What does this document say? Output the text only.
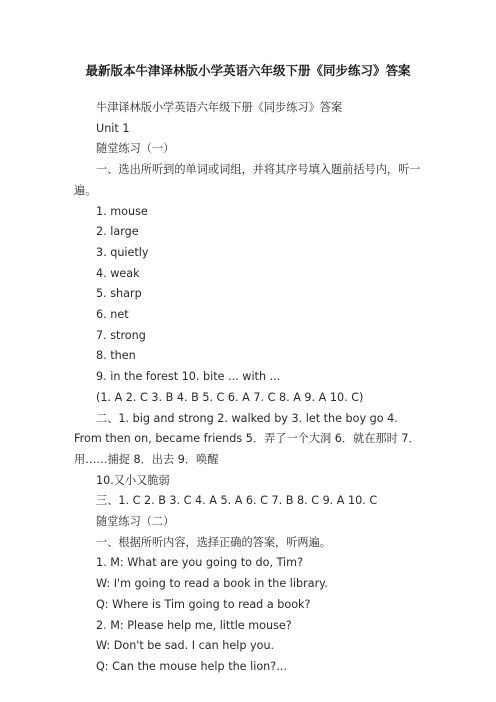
最新版本牛津译林版小学英语六年级下册《同步练习》答案
牛津译林版小学英语六年级下册《同步练习》答案
Unit 1
随堂练习（一）
一、选出所听到的单词或词组，并将其序号填入题前括号内，听一遍。
1. mouse
2. large
3. quietly
4. weak
5. sharp
6. net
7. strong
8. then
9. in the forest 10. bite ... with ...
(1. A 2. C 3. B 4. B 5. C 6. A 7. C 8. A 9. A 10. C)
二、1. big and strong 2. walked by 3. let the boy go 4. From then on, became friends 5．弄了一个大洞 6．就在那时 7．用……捕捉 8．出去 9．唤醒
10.又小又脆弱
三、1. C 2. B 3. C 4. A 5. A 6. C 7. B 8. C 9. A 10. C
随堂练习（二）
一、根据所听内容，选择正确的答案，听两遍。
1. M: What are you going to do, Tim?
W: I'm going to read a book in the library.
Q: Where is Tim going to read a book?
2. M: Please help me, little mouse?
W: Don't be sad. I can help you.
Q: Can the mouse help the lion?...
